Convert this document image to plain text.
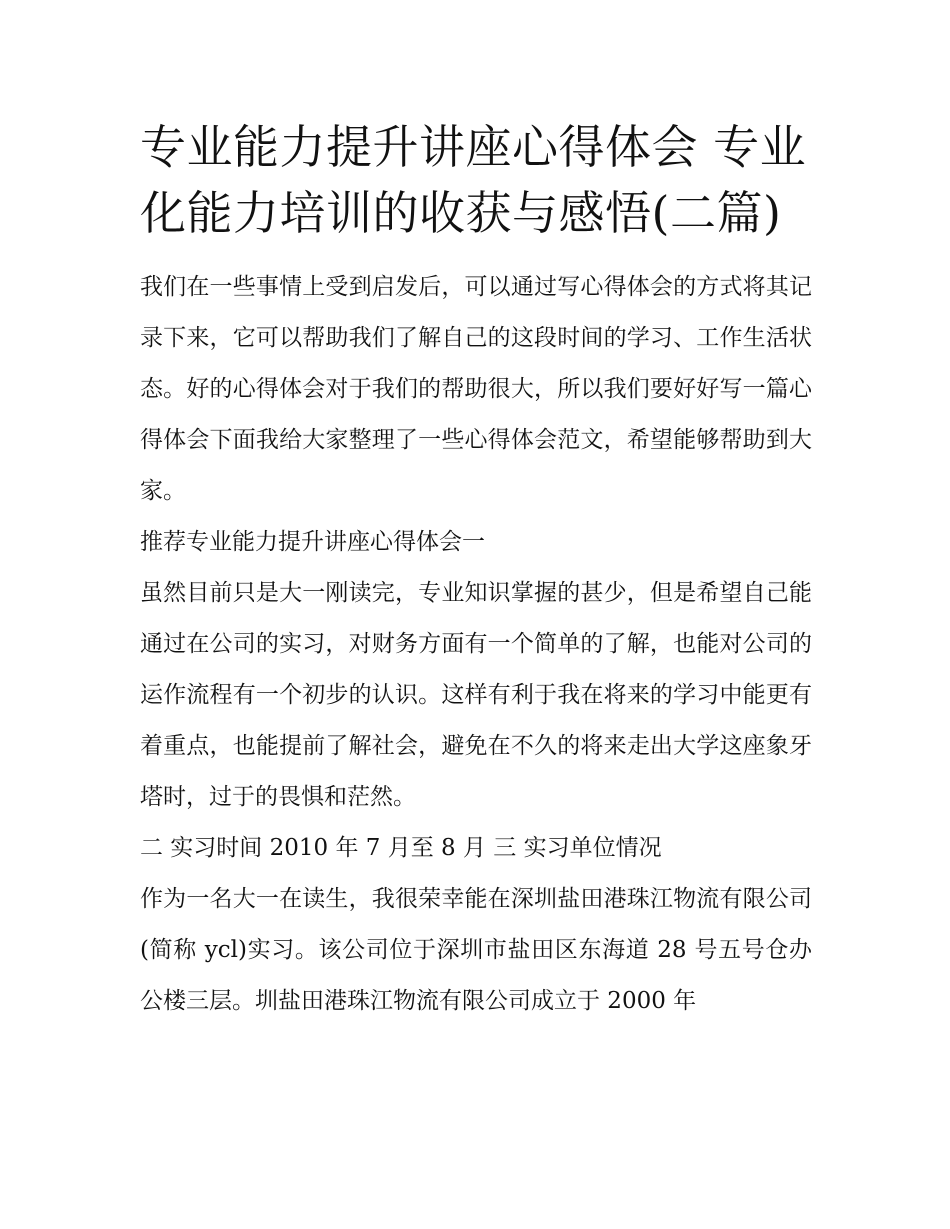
专业能力提升讲座心得体会 专业化能力培训的收获与感悟(二篇)

我们在一些事情上受到启发后，可以通过写心得体会的方式将其记录下来，它可以帮助我们了解自己的这段时间的学习、工作生活状态。好的心得体会对于我们的帮助很大，所以我们要好好写一篇心得体会下面我给大家整理了一些心得体会范文，希望能够帮助到大家。

推荐专业能力提升讲座心得体会一

虽然目前只是大一刚读完，专业知识掌握的甚少，但是希望自己能通过在公司的实习，对财务方面有一个简单的了解，也能对公司的运作流程有一个初步的认识。这样有利于我在将来的学习中能更有着重点，也能提前了解社会，避免在不久的将来走出大学这座象牙塔时，过于的畏惧和茫然。

二 实习时间 2010 年 7 月至 8 月 三 实习单位情况

作为一名大一在读生，我很荣幸能在深圳盐田港珠江物流有限公司(简称 ycl)实习。该公司位于深圳市盐田区东海道 28 号五号仓办公楼三层。圳盐田港珠江物流有限公司成立于 2000 年
